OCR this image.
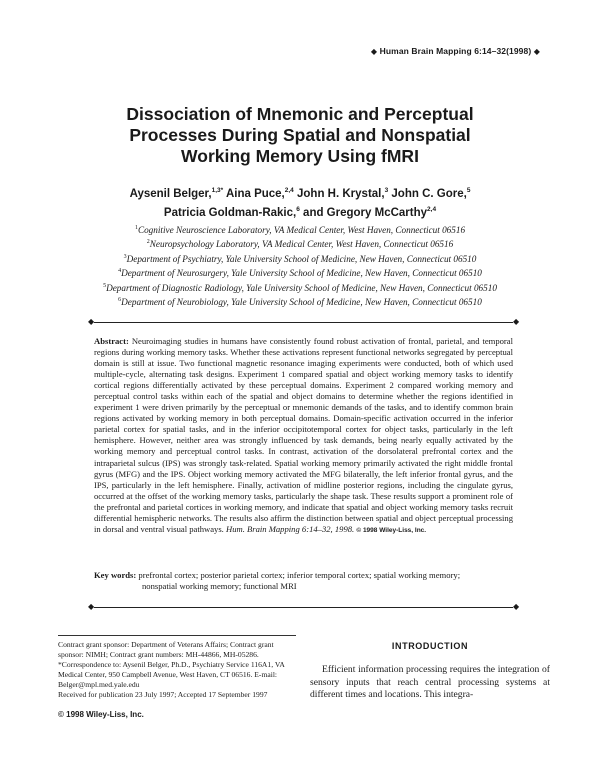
◆ Human Brain Mapping 6:14–32(1998) ◆
Dissociation of Mnemonic and Perceptual
Processes During Spatial and Nonspatial
Working Memory Using fMRI
Aysenil Belger,$^{1,3*}$ Aina Puce,$^{2,4}$ John H. Krystal,$^3$ John C. Gore,$^5$
Patricia Goldman-Rakic,$^6$ and Gregory McCarthy$^{2,4}$
$^1$Cognitive Neuroscience Laboratory, VA Medical Center, West Haven, Connecticut 06516
$^2$Neuropsychology Laboratory, VA Medical Center, West Haven, Connecticut 06516
$^3$Department of Psychiatry, Yale University School of Medicine, New Haven, Connecticut 06510
$^4$Department of Neurosurgery, Yale University School of Medicine, New Haven, Connecticut 06510
$^5$Department of Diagnostic Radiology, Yale University School of Medicine, New Haven, Connecticut 06510
$^6$Department of Neurobiology, Yale University School of Medicine, New Haven, Connecticut 06510
◆	◆
Abstract: Neuroimaging studies in humans have consistently found robust activation of frontal, parietal, and temporal regions during working memory tasks. Whether these activations represent functional networks segregated by perceptual domain is still at issue. Two functional magnetic resonance imaging experiments were conducted, both of which used multiple-cycle, alternating task designs. Experiment 1 compared spatial and object working memory tasks to identify cortical regions differentially activated by these perceptual domains. Experiment 2 compared working memory and perceptual control tasks within each of the spatial and object domains to determine whether the regions identified in experiment 1 were driven primarily by the perceptual or mnemonic demands of the tasks, and to identify common brain regions activated by working memory in both perceptual domains. Domain-specific activation occurred in the inferior parietal cortex for spatial tasks, and in the inferior occipitotemporal cortex for object tasks, particularly in the left hemisphere. However, neither area was strongly influenced by task demands, being nearly equally activated by the working memory and perceptual control tasks. In contrast, activation of the dorsolateral prefrontal cortex and the intraparietal sulcus (IPS) was strongly task-related. Spatial working memory primarily activated the right middle frontal gyrus (MFG) and the IPS. Object working memory activated the MFG bilaterally, the left inferior frontal gyrus, and the IPS, particularly in the left hemisphere. Finally, activation of midline posterior regions, including the cingulate gyrus, occurred at the offset of the working memory tasks, particularly the shape task. These results support a prominent role of the prefrontal and parietal cortices in working memory, and indicate that spatial and object working memory tasks recruit differential hemispheric networks. The results also affirm the distinction between spatial and object perceptual processing in dorsal and ventral visual pathways. Hum. Brain Mapping 6:14–32, 1998. © 1998 Wiley-Liss, Inc.
Key words: prefrontal cortex; posterior parietal cortex; inferior temporal cortex; spatial working memory;
nonspatial working memory; functional MRI
◆	◆

Contract grant sponsor: Department of Veterans Affairs; Contract grant sponsor: NIMH; Contract grant numbers: MH-44866, MH-05286.

*Correspondence to: Aysenil Belger, Ph.D., Psychiatry Service 116A1, VA Medical Center, 950 Campbell Avenue, West Haven, CT 06516. E-mail: Belger@mpl.med.yale.edu

Received for publication 23 July 1997; Accepted 17 September 1997

INTRODUCTION

Efficient information processing requires the integration of sensory inputs that reach central processing systems at different times and locations. This integra-

© 1998 Wiley-Liss, Inc.
